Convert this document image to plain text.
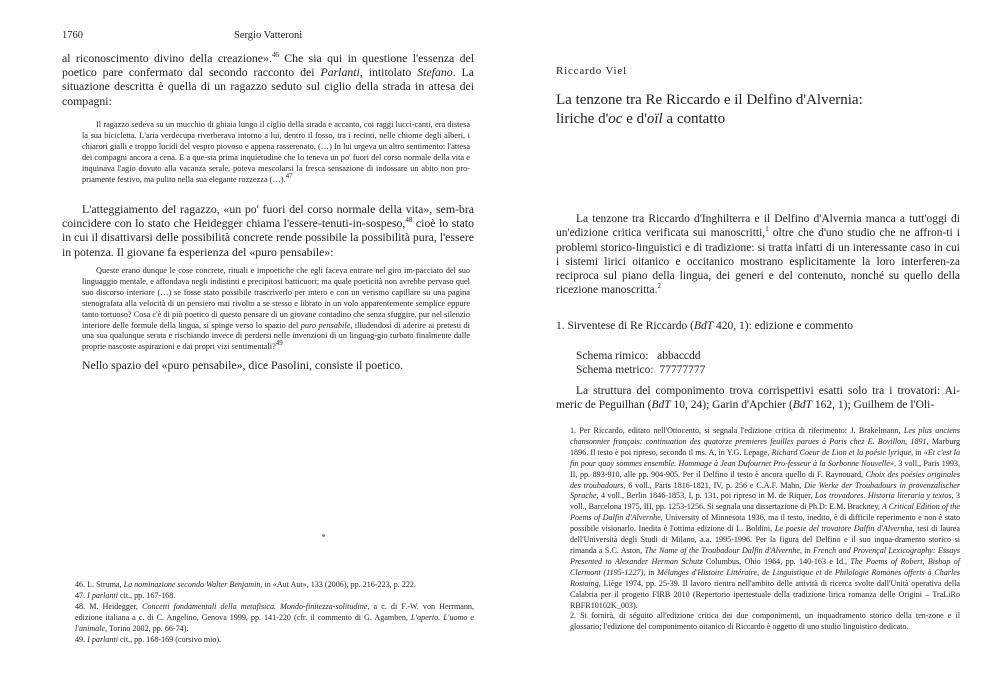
1760	Sergio Vatteroni

al riconoscimento divino della creazione».$^{46}$ Che sia qui in questione l'essenza del poetico pare confermato dal secondo racconto dei Parlanti, intitolato Stefano. La situazione descritta è quella di un ragazzo seduto sul ciglio della strada in attesa dei compagni:

Il ragazzo sedeva su un mucchio di ghiaia lungo il ciglio della strada e accanto, coi raggi lucci-canti, era distesa la sua bicicletta. L'aria verdecupa riverberava intorno a lui, dentro il fosso, tra i recinti, nelle chiome degli alberi, i chiarori gialli e troppo lucidi del vespro piovoso e appena rasserenato. (…) In lui urgeva un altro sentimento: l'attesa dei compagni ancora a cena. E a que-sta prima inquietudine che lo teneva un po' fuori del corso normale della vita e inquinava l'agio dovuto alla vacanza serale, poteva mescolarsi la fresca sensazione di indossare un abito non pro-priamente festivo, ma pulito nella sua elegante rozzezza (…).$^{47}$

L'atteggiamento del ragazzo, «un po' fuori del corso normale della vita», sem-bra coincidere con lo stato che Heidegger chiama l'essere-tenuti-in-sospeso,$^{48}$ cioè lo stato in cui il disattivarsi delle possibilità concrete rende possibile la possibilità pura, l'essere in potenza. Il giovane fa esperienza del «puro pensabile»:

Queste erano dunque le cose concrete, rituali e impoetiche che egli faceva entrare nel giro im-pacciato del suo linguaggio mentale, e affondava negli indistinti e precipitosi batticuori; ma quale poeticità non avrebbe pervaso quel suo discorso interiore (…) se fosse stato possibile trascriverlo per intero e con un verismo capillare su una pagina stenografata alla velocità di un pensiero mai rivolto a se stesso e librato in un volo apparentemente semplice eppure tanto tortuoso? Cosa c'è di più poetico di questo pensare di un giovane contadino che senza sfuggire, pur nel silenzio interiore delle formule della lingua, si spinge verso lo spazio del puro pensabile, illudendosi di aderire ai pretesti di una sua qualunque serata e rischiando invece di perdersi nelle invenzioni di un linguag-gio turbato finalmente dalle proprie nascoste aspirazioni e dai propri vizi sentimentali?$^{49}$

Nello spazio del «puro pensabile», dice Pasolini, consiste il poetico.

46. L. Struma, La nominazione secondo Walter Benjamin, in «Aut Aut», 133 (2006), pp. 216-223, p. 222.

47. I parlanti cit., pp. 167-168.

48. M. Heidegger, Concetti fondamentali della metafisica. Mondo-finitezza-solitudine, a c. di F.-W. von Herrmann, edizione italiana a c. di C. Angelino, Genova 1999, pp. 141-220 (cfr. il commento di G. Agamben, L'aperto. L'uomo e l'animale, Torino 2002, pp. 66-74).

49. I parlanti cit., pp. 168-169 (corsivo mio).

Riccardo Viel
La tenzone tra Re Riccardo e il Delfino d'Alvernia:
liriche d'oc e d'oïl a contatto

La tenzone tra Riccardo d'Inghilterra e il Delfino d'Alvernia manca a tutt'oggi di un'edizione critica verificata sui manoscritti,$^1$ oltre che d'uno studio che ne affron-ti i problemi storico-linguistici e di tradizione: si tratta infatti di un interessante caso in cui i sistemi lirici oitanico e occitanico mostrano esplicitamente la loro interferen-za reciproca sul piano della lingua, dei generi e del contenuto, nonché su quello della ricezione manoscritta.$^2$

1. Sirventese di Re Riccardo (BdT 420, 1): edizione e commento

Schema rimico:   abbaccdd

Schema metrico:  77777777

La struttura del componimento trova corrispettivi esatti solo tra i trovatori: Ai-meric de Peguilhan (BdT 10, 24); Garin d'Apchier (BdT 162, 1); Guilhem de l'Oli-

1. Per Riccardo, editato nell'Ottocento, si segnala l'edizione critica di riferimento: J. Brakelmann, Les plus anciens chansonnier français: continuation des quatorze premieres feuilles parues à Paris chez E. Bovillon, 1891, Marburg 1896. Il testo è poi ripreso, secondo il ms. A, in Y.G. Lepage, Richard Coeur de Lion et la poésie lyrique, in «Et c'est la fin pour quoy sommes ensemble. Hommage à Jean Dufournet Pro-fesseur à la Sorbonne Nouvelle», 3 voll., Paris 1993, II, pp. 893-910, alle pp. 904-905. Per il Delfino il testo è ancora quello di F. Raynouard, Choix des poésies originales des troubadours, 6 voll., Paris 1816-1821, IV, p. 256 e C.A.F. Mahn, Die Werke der Troubadours in provenzalischer Sprache, 4 voll., Berlin 1846-1853, I, p. 131, poi ripreso in M. de Riquer, Los trovadores. Historia literaria y textos, 3 voll., Barcelona 1975, III, pp. 1253-1256. Si segnala una dissertazione di Ph.D: E.M. Brackney, A Critical Edition of the Poems of Dalfin d'Alvernhe, University of Minnesota 1936, ma il testo, inedito, è di difficile reperimento e non è stato possibile visionarlo. Inedita è l'ottima edizione di L. Boldini, Le poesie del trovatore Dalfin d'Alvernha, tesi di laurea dell'Università degli Studi di Milano, a.a. 1995-1996. Per la figura del Delfino e il suo inqua-dramento storico si rimanda a S.C. Aston, The Name of the Troubadour Dalfin d'Alvernhe, in French and Provençal Lexicography: Essays Presented to Alexander Herman Schutz Columbus, Ohio 1964, pp. 140-163 e Id., The Poems of Robert, Bishop of Clermont (1195-1227), in Mélanges d'Histoire Littéraire, de Linguistique et de Philologie Romanes offerts à Charles Rostaing, Liège 1974, pp. 25-39. Il lavoro rientra nell'ambito delle attività di ricerca svolte dall'Unità operativa della Calabria per il progetto FIRB 2010 (Repertorio ipertestuale della tradizione lirica romanza delle Origini – TraLiRo RBFR10102K_003).

2. Si fornirà, di séguito all'edizione critica dei due componimenti, un inquadramento storico della ten-zone e il glossario; l'edizione del componimento oitanico di Riccardo è oggetto di uno studio linguistico dedicato.
